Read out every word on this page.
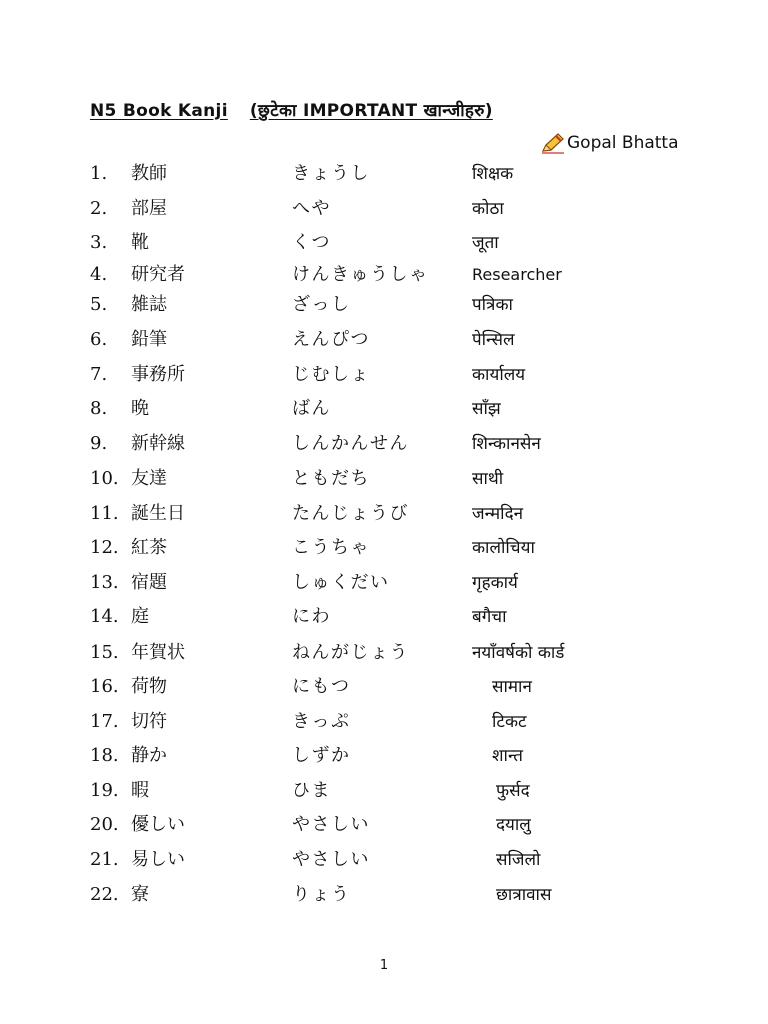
N5 Book Kanji (छुटेका IMPORTANT खान्जीहरु)
Gopal Bhatta
1. 教師	きょうし	शिक्षक
2. 部屋	へや	कोठा
3. 靴	くつ	जूता
4. 研究者	けんきゅうしゃ	Researcher
5. 雑誌	ざっし	पत्रिका
6. 鉛筆	えんぴつ	पेन्सिल
7. 事務所	じむしょ	कार्यालय
8. 晩	ばん	साँझ
9. 新幹線	しんかんせん	शिन्कानसेन
10. 友達	ともだち	साथी
11. 誕生日	たんじょうび	जन्मदिन
12. 紅茶	こうちゃ	कालोचिया
13. 宿題	しゅくだい	गृहकार्य
14. 庭	にわ	बगैचा
15. 年賀状	ねんがじょう	नयाँवर्षको कार्ड
16. 荷物	にもつ	सामान
17. 切符	きっぷ	टिकट
18. 静か	しずか	शान्त
19. 暇	ひま	फुर्सद
20. 優しい	やさしい	दयालु
21. 易しい	やさしい	सजिलो
22. 寮	りょう	छात्रावास
1
